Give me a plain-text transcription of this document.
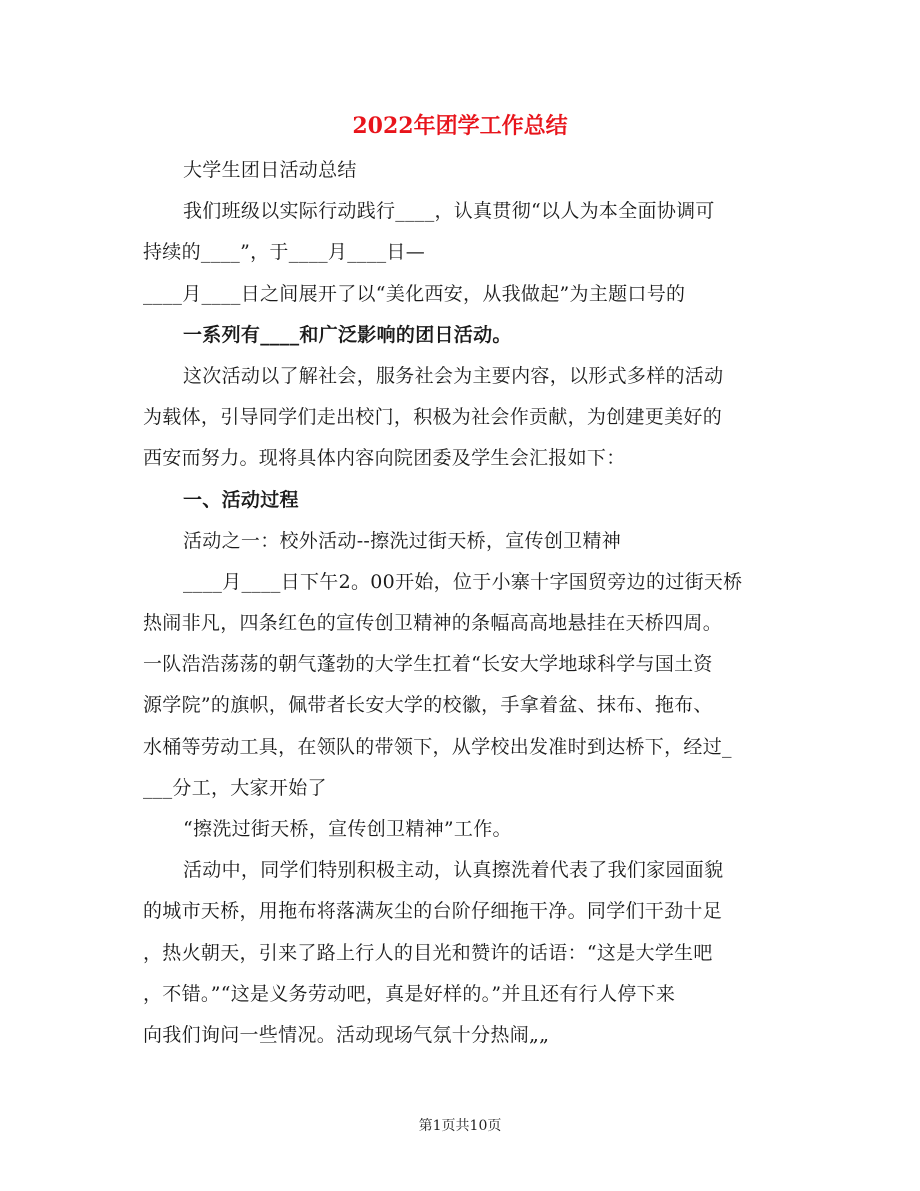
2022年团学工作总结

大学生团日活动总结

我们班级以实际行动践行____，认真贯彻“以人为本全面协调可

持续的____”，于____月____日—

____月____日之间展开了以“美化西安，从我做起”为主题口号的

一系列有____和广泛影响的团日活动。

这次活动以了解社会，服务社会为主要内容，以形式多样的活动

为载体，引导同学们走出校门，积极为社会作贡献，为创建更美好的

西安而努力。现将具体内容向院团委及学生会汇报如下：

一、活动过程

活动之一：校外活动--擦洗过街天桥，宣传创卫精神

____月____日下午2。00开始，位于小寨十字国贸旁边的过街天桥

热闹非凡，四条红色的宣传创卫精神的条幅高高地悬挂在天桥四周。

一队浩浩荡荡的朝气蓬勃的大学生扛着“长安大学地球科学与国土资

源学院”的旗帜，佩带者长安大学的校徽，手拿着盆、抹布、拖布、

水桶等劳动工具，在领队的带领下，从学校出发准时到达桥下，经过_

___分工，大家开始了

“擦洗过街天桥，宣传创卫精神”工作。

活动中，同学们特别积极主动，认真擦洗着代表了我们家园面貌

的城市天桥，用拖布将落满灰尘的台阶仔细拖干净。同学们干劲十足

，热火朝天，引来了路上行人的目光和赞许的话语：“这是大学生吧

，不错。”“这是义务劳动吧，真是好样的。”并且还有行人停下来

向我们询问一些情况。活动现场气氛十分热闹„„

第1页共10页
